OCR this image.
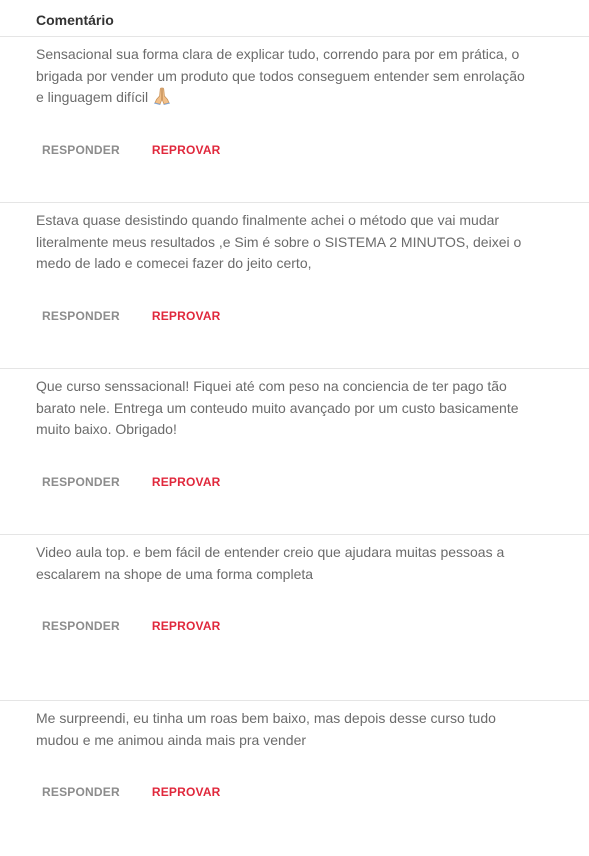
Comentário
Sensacional sua forma clara de explicar tudo, correndo para por em prática, o
brigada por vender um produto que todos conseguem entender sem enrolação
e linguagem difícil
RESPONDER	REPROVAR
Estava quase desistindo quando finalmente achei o método que vai mudar
literalmente meus resultados ,e Sim é sobre o SISTEMA 2 MINUTOS, deixei o
medo de lado e comecei fazer do jeito certo,
RESPONDER	REPROVAR
Que curso senssacional! Fiquei até com peso na conciencia de ter pago tão
barato nele. Entrega um conteudo muito avançado por um custo basicamente
muito baixo. Obrigado!
RESPONDER	REPROVAR
Video aula top. e bem fácil de entender creio que ajudara muitas pessoas a
escalarem na shope de uma forma completa
RESPONDER	REPROVAR
Me surpreendi, eu tinha um roas bem baixo, mas depois desse curso tudo
mudou e me animou ainda mais pra vender
RESPONDER	REPROVAR
